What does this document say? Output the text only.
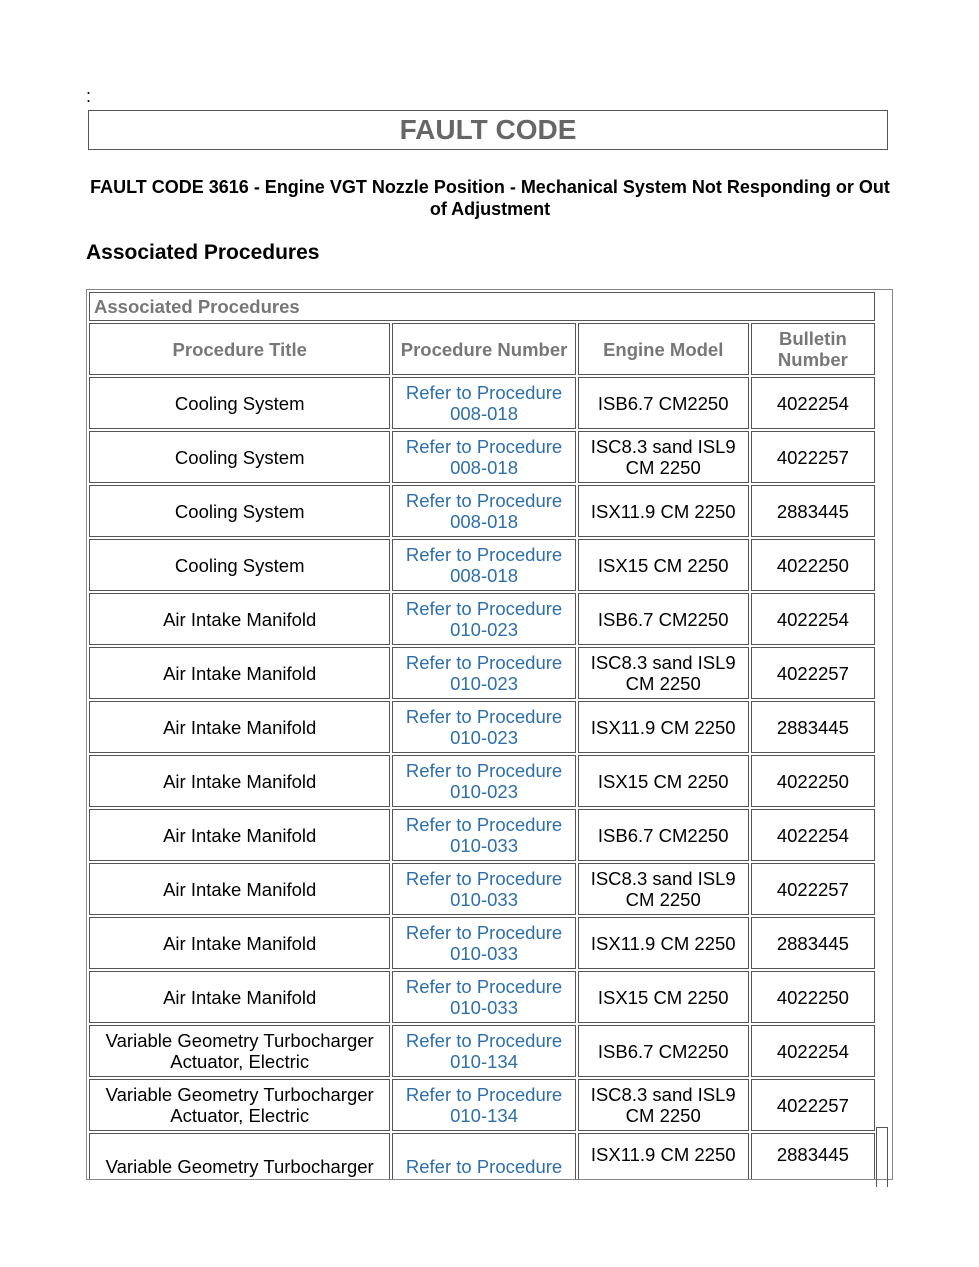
:
FAULT CODE
FAULT CODE 3616 - Engine VGT Nozzle Position - Mechanical System Not Responding or Out of Adjustment
Associated Procedures
Associated Procedures			
Procedure Title	Procedure Number	Engine Model	Bulletin Number
Cooling System	Refer to Procedure 008-018	ISB6.7 CM2250	4022254
Cooling System	Refer to Procedure 008-018	ISC8.3 sand ISL9 CM 2250	4022257
Cooling System	Refer to Procedure 008-018	ISX11.9 CM 2250	2883445
Cooling System	Refer to Procedure 008-018	ISX15 CM 2250	4022250
Air Intake Manifold	Refer to Procedure 010-023	ISB6.7 CM2250	4022254
Air Intake Manifold	Refer to Procedure 010-023	ISC8.3 sand ISL9 CM 2250	4022257
Air Intake Manifold	Refer to Procedure 010-023	ISX11.9 CM 2250	2883445
Air Intake Manifold	Refer to Procedure 010-023	ISX15 CM 2250	4022250
Air Intake Manifold	Refer to Procedure 010-033	ISB6.7 CM2250	4022254
Air Intake Manifold	Refer to Procedure 010-033	ISC8.3 sand ISL9 CM 2250	4022257
Air Intake Manifold	Refer to Procedure 010-033	ISX11.9 CM 2250	2883445
Air Intake Manifold	Refer to Procedure 010-033	ISX15 CM 2250	4022250
Variable Geometry Turbocharger Actuator, Electric	Refer to Procedure 010-134	ISB6.7 CM2250	4022254
Variable Geometry Turbocharger Actuator, Electric	Refer to Procedure 010-134	ISC8.3 sand ISL9 CM 2250	4022257
Variable Geometry Turbocharger	Refer to Procedure	ISX11.9 CM 2250	2883445
